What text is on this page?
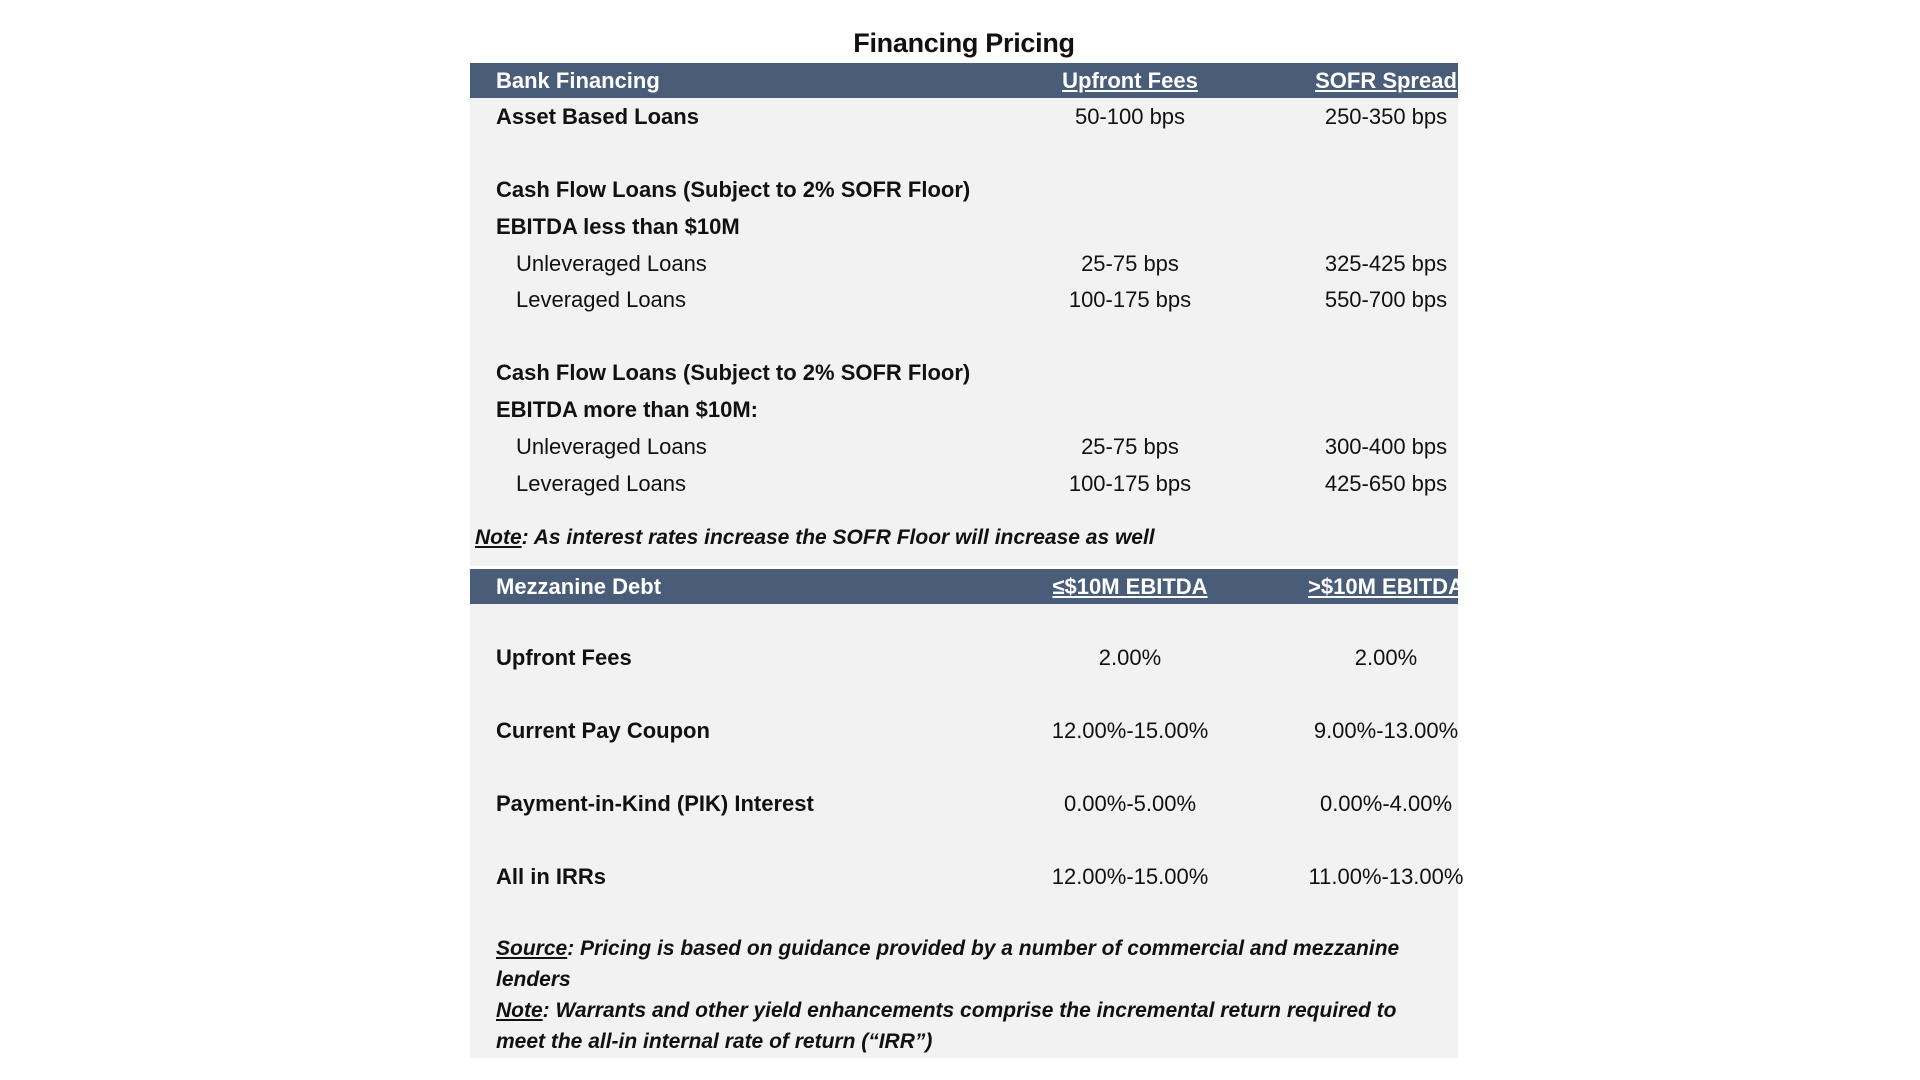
Financing Pricing
Bank Financing	Upfront Fees	SOFR Spread
Asset Based Loans	50-100 bps	250-350 bps
Cash Flow Loans (Subject to 2% SOFR Floor)
EBITDA less than $10M
Unleveraged Loans	25-75 bps	325-425 bps
Leveraged Loans	100-175 bps	550-700 bps
Cash Flow Loans (Subject to 2% SOFR Floor)
EBITDA more than $10M:
Unleveraged Loans	25-75 bps	300-400 bps
Leveraged Loans	100-175 bps	425-650 bps
Note: As interest rates increase the SOFR Floor will increase as well
Mezzanine Debt	≤$10M EBITDA	>$10M EBITDA
Upfront Fees	2.00%	2.00%
Current Pay Coupon	12.00%-15.00%	9.00%-13.00%
Payment-in-Kind (PIK) Interest	0.00%-5.00%	0.00%-4.00%
All in IRRs	12.00%-15.00%	11.00%-13.00%
Source: Pricing is based on guidance provided by a number of commercial and mezzanine lenders
Note: Warrants and other yield enhancements comprise the incremental return required to meet the all-in internal rate of return (“IRR”)
